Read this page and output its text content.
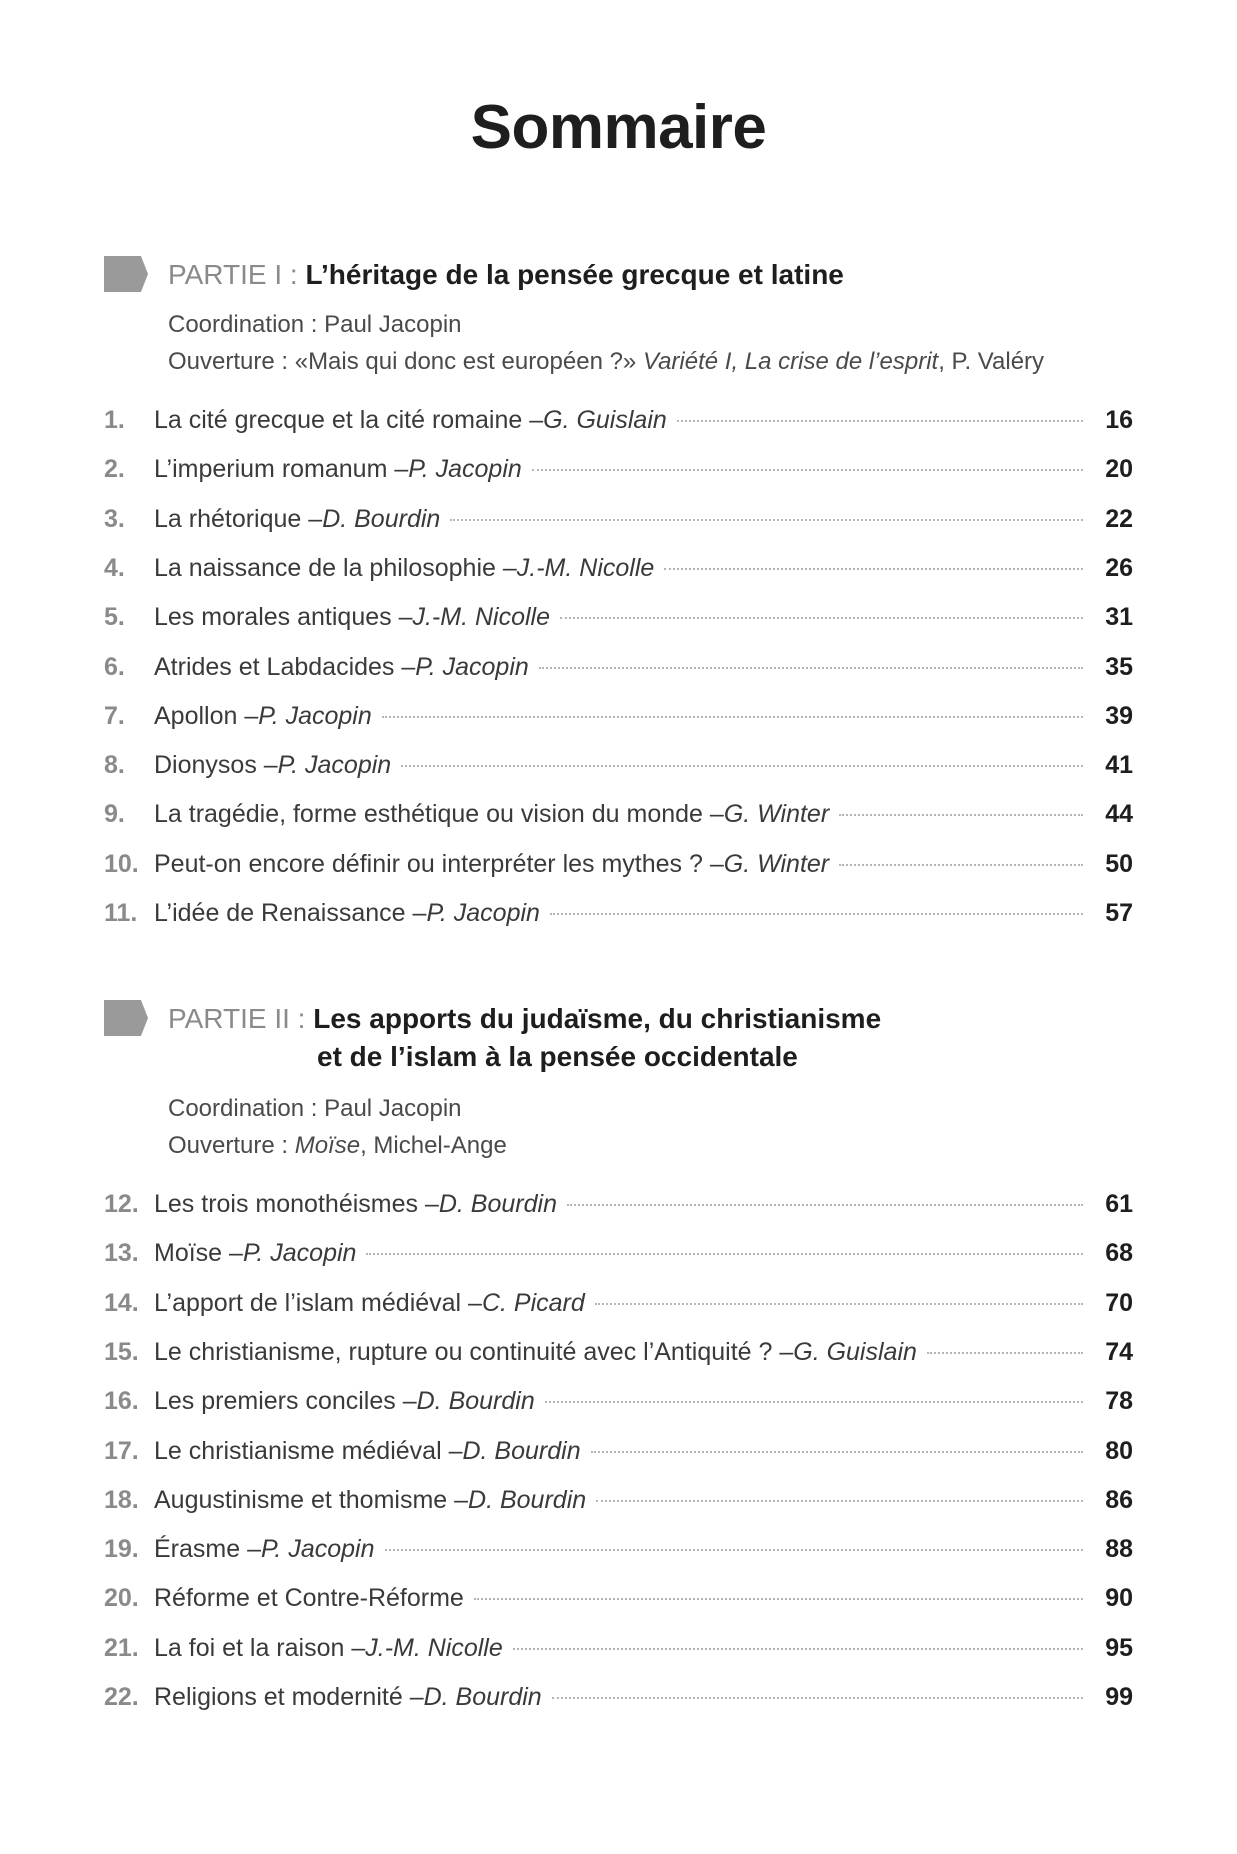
Sommaire
PARTIE I : L’héritage de la pensée grecque et latine
Coordination : Paul Jacopin
Ouverture : «Mais qui donc est européen ?» Variété I, La crise de l’esprit, P. Valéry
1.	La cité grecque et la cité romaine – G. Guislain	16
2.	L’imperium romanum – P. Jacopin	20
3.	La rhétorique – D. Bourdin	22
4.	La naissance de la philosophie – J.-M. Nicolle	26
5.	Les morales antiques – J.-M. Nicolle	31
6.	Atrides et Labdacides – P. Jacopin	35
7.	Apollon – P. Jacopin	39
8.	Dionysos – P. Jacopin	41
9.	La tragédie, forme esthétique ou vision du monde – G. Winter	44
10. Peut-on encore définir ou interpréter les mythes ? – G. Winter	50
11. L’idée de Renaissance – P. Jacopin	57
PARTIE II : Les apports du judaïsme, du christianisme
et de l’islam à la pensée occidentale
Coordination : Paul Jacopin
Ouverture : Moïse, Michel-Ange
12. Les trois monothéismes – D. Bourdin	61
13. Moïse – P. Jacopin	68
14. L’apport de l’islam médiéval – C. Picard	70
15. Le christianisme, rupture ou continuité avec l’Antiquité ? – G. Guislain	74
16. Les premiers conciles – D. Bourdin	78
17. Le christianisme médiéval – D. Bourdin	80
18. Augustinisme et thomisme – D. Bourdin	86
19. Érasme – P. Jacopin	88
20. Réforme et Contre-Réforme	90
21. La foi et la raison – J.-M. Nicolle	95
22. Religions et modernité – D. Bourdin	99
